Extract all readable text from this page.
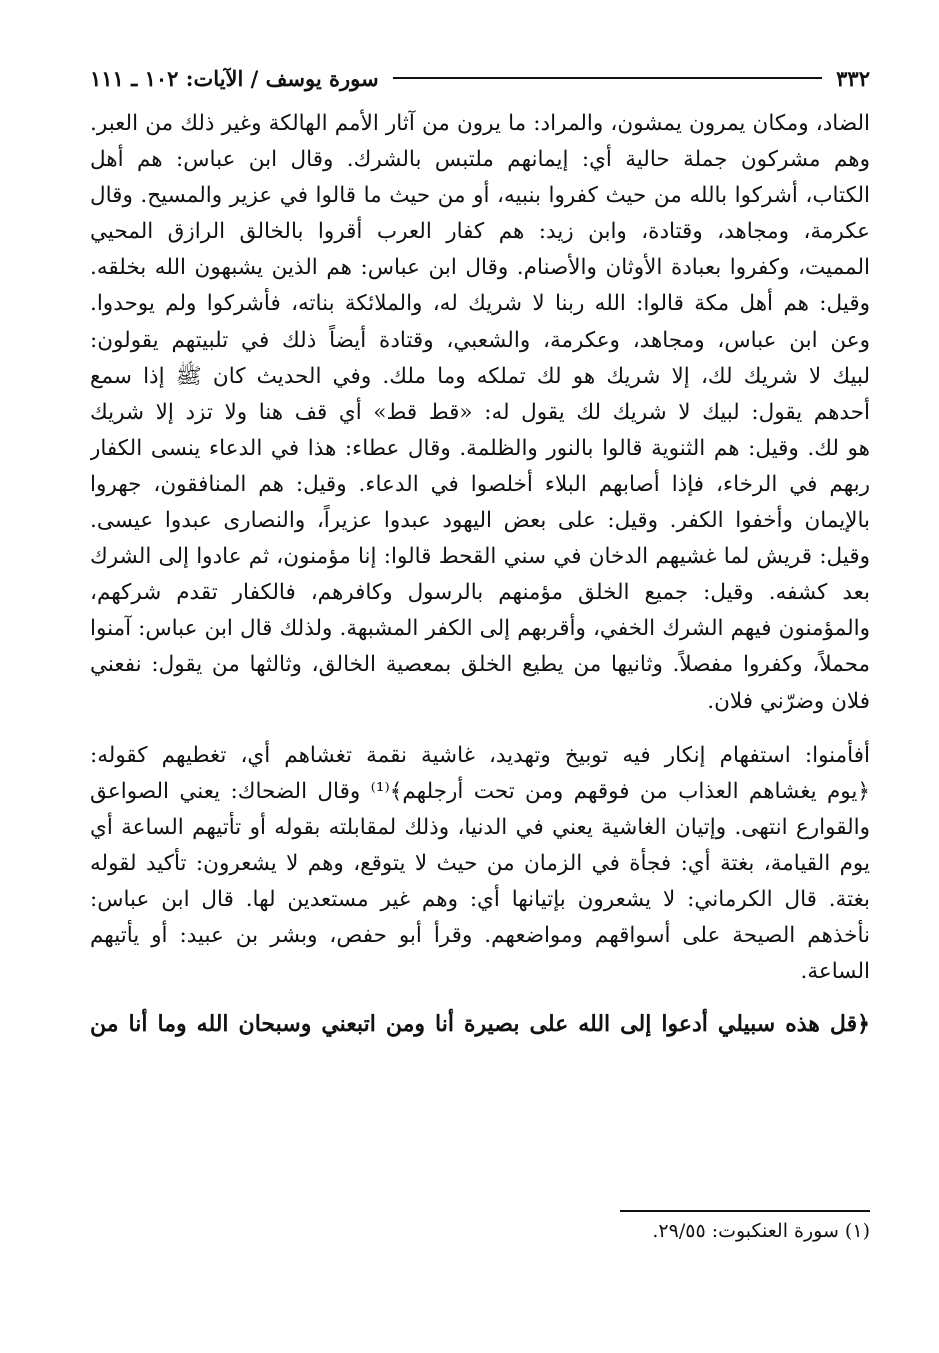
٣٣٢
سورة يوسف / الآيات: ١٠٢ ـ ١١١
الضاد، ومكان يمرون يمشون، والمراد: ما يرون من آثار الأمم الهالكة وغير ذلك من العبر.
وهم مشركون جملة حالية أي: إيمانهم ملتبس بالشرك. وقال ابن عباس: هم أهل
الكتاب، أشركوا بالله من حيث كفروا بنبيه، أو من حيث ما قالوا في عزير والمسيح. وقال
عكرمة، ومجاهد، وقتادة، وابن زيد: هم كفار العرب أقروا بالخالق الرازق المحيي
المميت، وكفروا بعبادة الأوثان والأصنام. وقال ابن عباس: هم الذين يشبهون الله بخلقه.
وقيل: هم أهل مكة قالوا: الله ربنا لا شريك له، والملائكة بناته، فأشركوا ولم يوحدوا.
وعن ابن عباس، ومجاهد، وعكرمة، والشعبي، وقتادة أيضاً ذلك في تلبيتهم يقولون:
لبيك لا شريك لك، إلا شريك هو لك تملكه وما ملك. وفي الحديث كان ﷺ إذا سمع
أحدهم يقول: لبيك لا شريك لك يقول له: «قط قط» أي قف هنا ولا تزد إلا شريك
هو لك. وقيل: هم الثنوية قالوا بالنور والظلمة. وقال عطاء: هذا في الدعاء ينسى الكفار
ربهم في الرخاء، فإذا أصابهم البلاء أخلصوا في الدعاء. وقيل: هم المنافقون، جهروا
بالإيمان وأخفوا الكفر. وقيل: على بعض اليهود عبدوا عزيراً، والنصارى عبدوا عيسى.
وقيل: قريش لما غشيهم الدخان في سني القحط قالوا: إنا مؤمنون، ثم عادوا إلى الشرك
بعد كشفه. وقيل: جميع الخلق مؤمنهم بالرسول وكافرهم، فالكفار تقدم شركهم،
والمؤمنون فيهم الشرك الخفي، وأقربهم إلى الكفر المشبهة. ولذلك قال ابن عباس: آمنوا
محملاً، وكفروا مفصلاً. وثانيها من يطيع الخلق بمعصية الخالق، وثالثها من يقول: نفعني
فلان وضرّني فلان.
أفأمنوا: استفهام إنكار فيه توبيخ وتهديد، غاشية نقمة تغشاهم أي، تغطيهم كقوله:
﴿يوم يغشاهم العذاب من فوقهم ومن تحت أرجلهم﴾⁽¹⁾ وقال الضحاك: يعني الصواعق
والقوارع انتهى. وإتيان الغاشية يعني في الدنيا، وذلك لمقابلته بقوله أو تأتيهم الساعة أي
يوم القيامة، بغتة أي: فجأة في الزمان من حيث لا يتوقع، وهم لا يشعرون: تأكيد لقوله
بغتة. قال الكرماني: لا يشعرون بإتيانها أي: وهم غير مستعدين لها. قال ابن عباس:
نأخذهم الصيحة على أسواقهم ومواضعهم. وقرأ أبو حفص، وبشر بن عبيد: أو يأتيهم
الساعة.
﴿قل هذه سبيلي أدعوا إلى الله على بصيرة أنا ومن اتبعني وسبحان الله وما أنا من
(١) سورة العنكبوت: ٢٩/٥٥.
